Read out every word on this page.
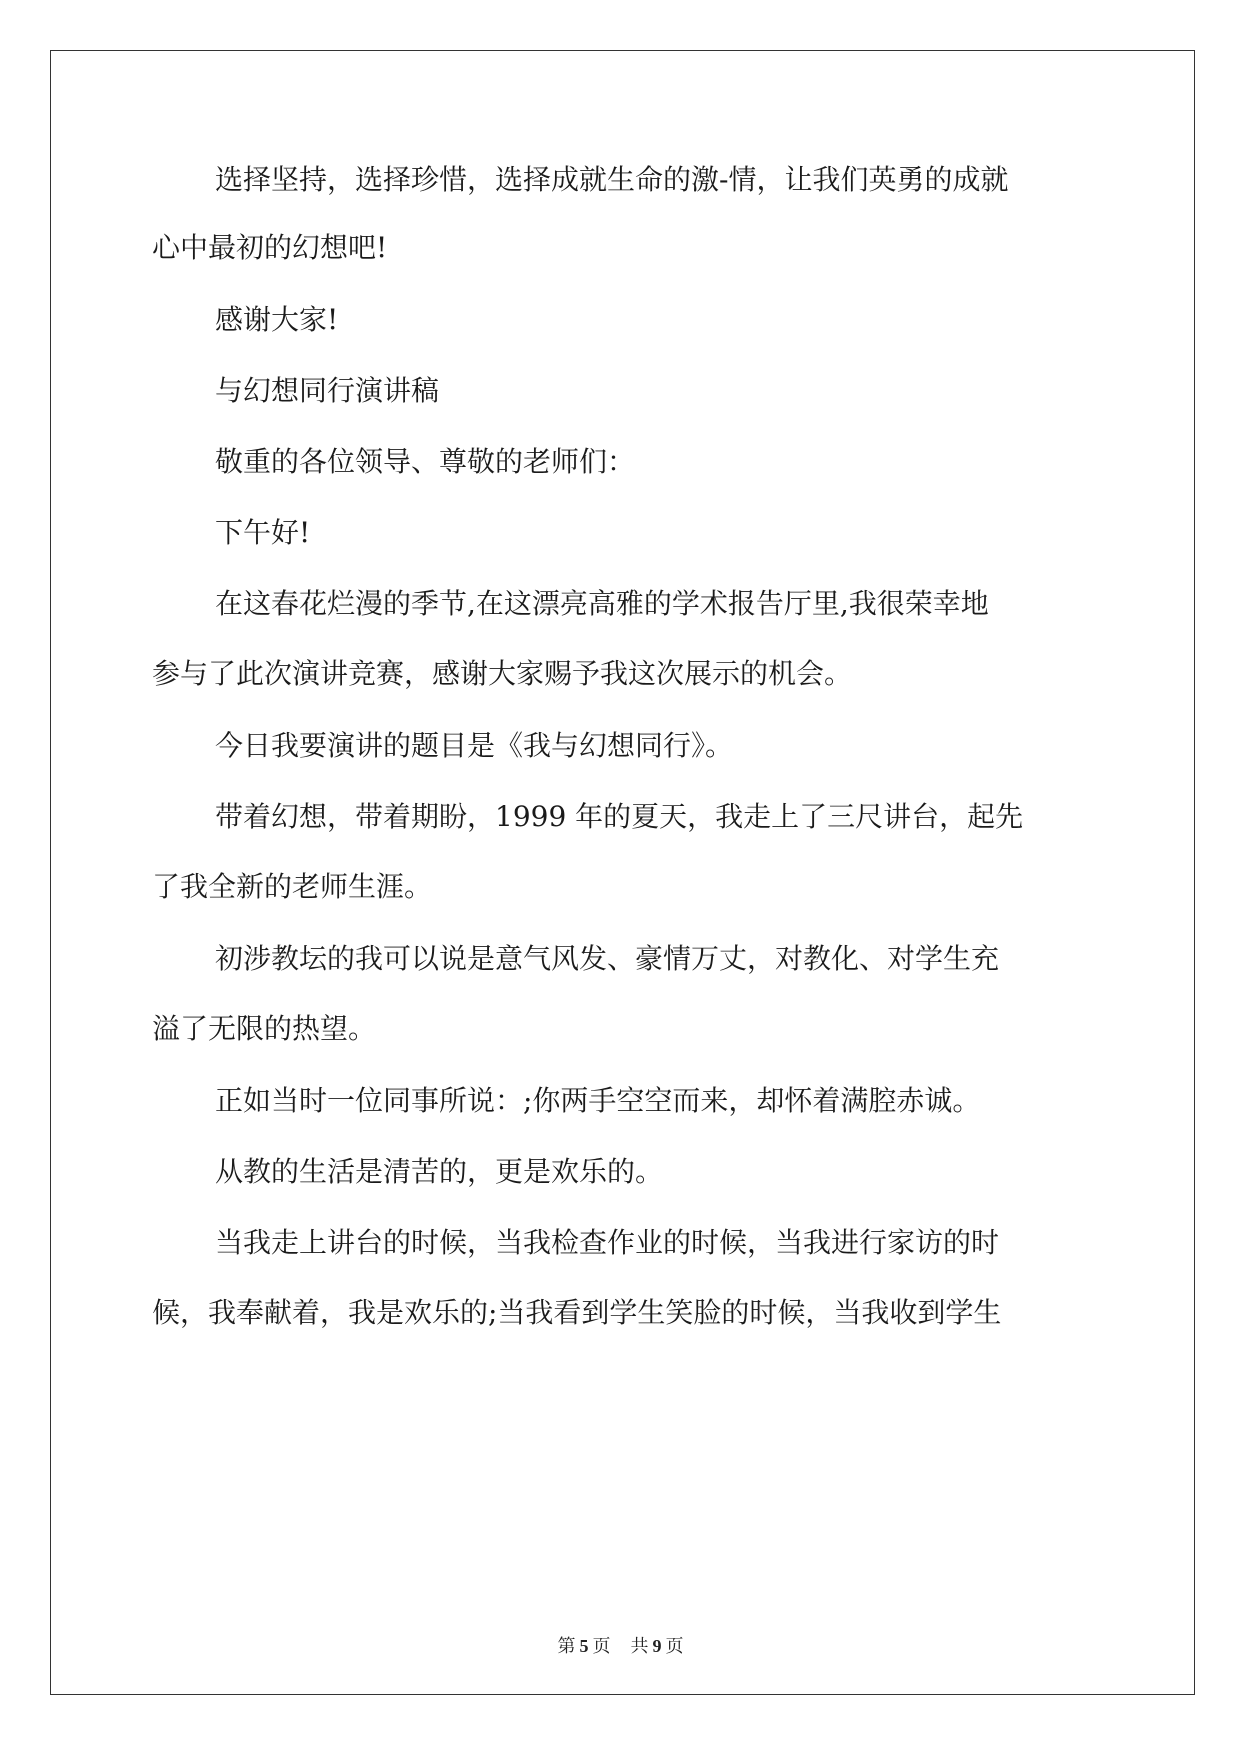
选择坚持，选择珍惜，选择成就生命的激-情，让我们英勇的成就
心中最初的幻想吧!
感谢大家!
与幻想同行演讲稿
敬重的各位领导、尊敬的老师们：
下午好!
在这春花烂漫的季节,在这漂亮高雅的学术报告厅里,我很荣幸地
参与了此次演讲竞赛，感谢大家赐予我这次展示的机会。
今日我要演讲的题目是《我与幻想同行》。
带着幻想，带着期盼，1999 年的夏天，我走上了三尺讲台，起先
了我全新的老师生涯。
初涉教坛的我可以说是意气风发、豪情万丈，对教化、对学生充
溢了无限的热望。
正如当时一位同事所说：;你两手空空而来，却怀着满腔赤诚。
从教的生活是清苦的，更是欢乐的。
当我走上讲台的时候，当我检查作业的时候，当我进行家访的时
候，我奉献着，我是欢乐的;当我看到学生笑脸的时候，当我收到学生
第 5 页 共 9 页
